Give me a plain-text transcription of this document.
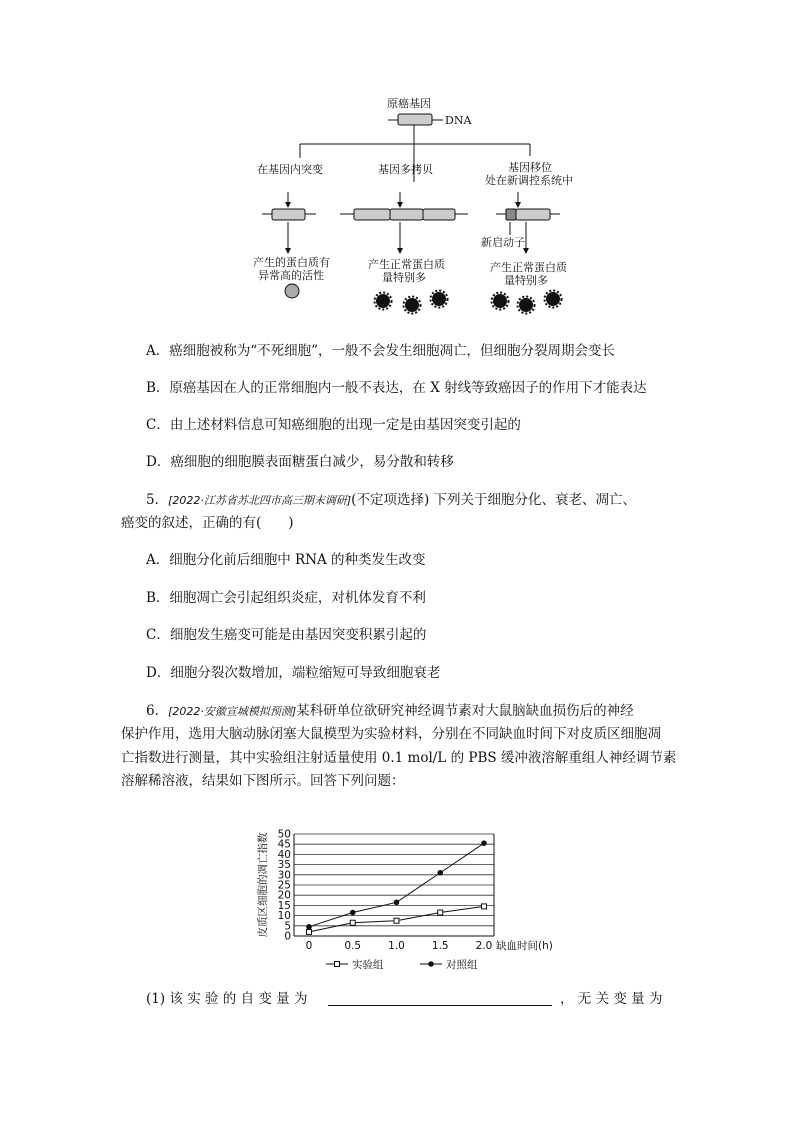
原癌基因
DNA
在基因内突变	基因多拷贝	基因移位
处在新调控系统中
新启动子
产生的蛋白质有
异常高的活性
产生正常蛋白质
量特别多
产生正常蛋白质
量特别多
A．癌细胞被称为“不死细胞”，一般不会发生细胞凋亡，但细胞分裂周期会变长
B．原癌基因在人的正常细胞内一般不表达，在 X 射线等致癌因子的作用下才能表达
C．由上述材料信息可知癌细胞的出现一定是由基因突变引起的
D．癌细胞的细胞膜表面糖蛋白减少，易分散和转移
5．[2022·江苏省苏北四市高三期末调研](不定项选择) 下列关于细胞分化、衰老、凋亡、
癌变的叙述，正确的有(　　)
A．细胞分化前后细胞中 RNA 的种类发生改变
B．细胞凋亡会引起组织炎症，对机体发育不利
C．细胞发生癌变可能是由基因突变积累引起的
D．细胞分裂次数增加，端粒缩短可导致细胞衰老
6．[2022·安徽宣城模拟预测]某科研单位欲研究神经调节素对大鼠脑缺血损伤后的神经
保护作用，选用大脑动脉闭塞大鼠模型为实验材料，分别在不同缺血时间下对皮质区细胞凋
亡指数进行测量，其中实验组注射适量使用 0.1 mol/L 的 PBS 缓冲液溶解重组人神经调节素
溶解稀溶液，结果如下图所示。回答下列问题：
0
5
10
15
20
25
30
35
40
45
50
0	0.5	1.0	1.5	2.0 缺血时间(h)
皮质区细胞的凋亡指数
实验组	对照组
(1) 该 实 验 的 自 变 量 为	， 无 关 变 量 为
